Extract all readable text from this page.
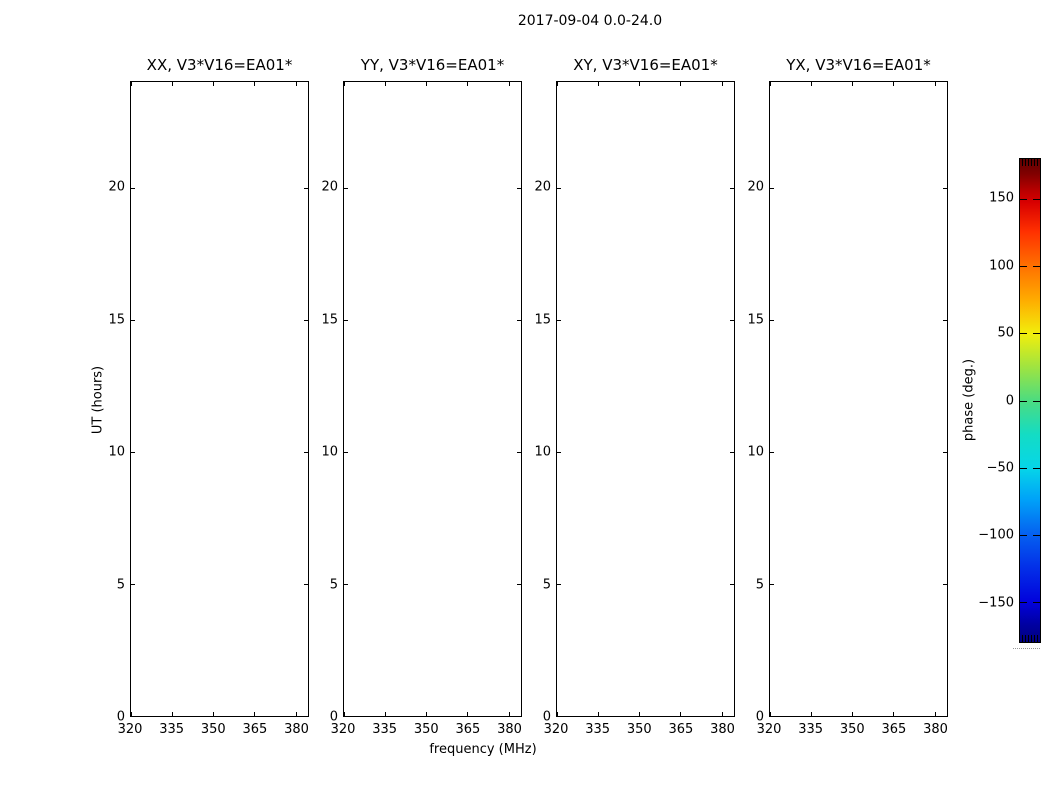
2017-09-04 0.0-24.0
XX, V3*V16=EA01*
320 335 350 365 380
0
5
10
15
20
YY, V3*V16=EA01*
320 335 350 365 380
0
5
10
15
20
XY, V3*V16=EA01*
320 335 350 365 380
0
5
10
15
20
YX, V3*V16=EA01*
320 335 350 365 380
0
5
10
15
20
frequency (MHz)
UT (hours)	phase (deg.)
150
100
50
0
−50
−100
−150
